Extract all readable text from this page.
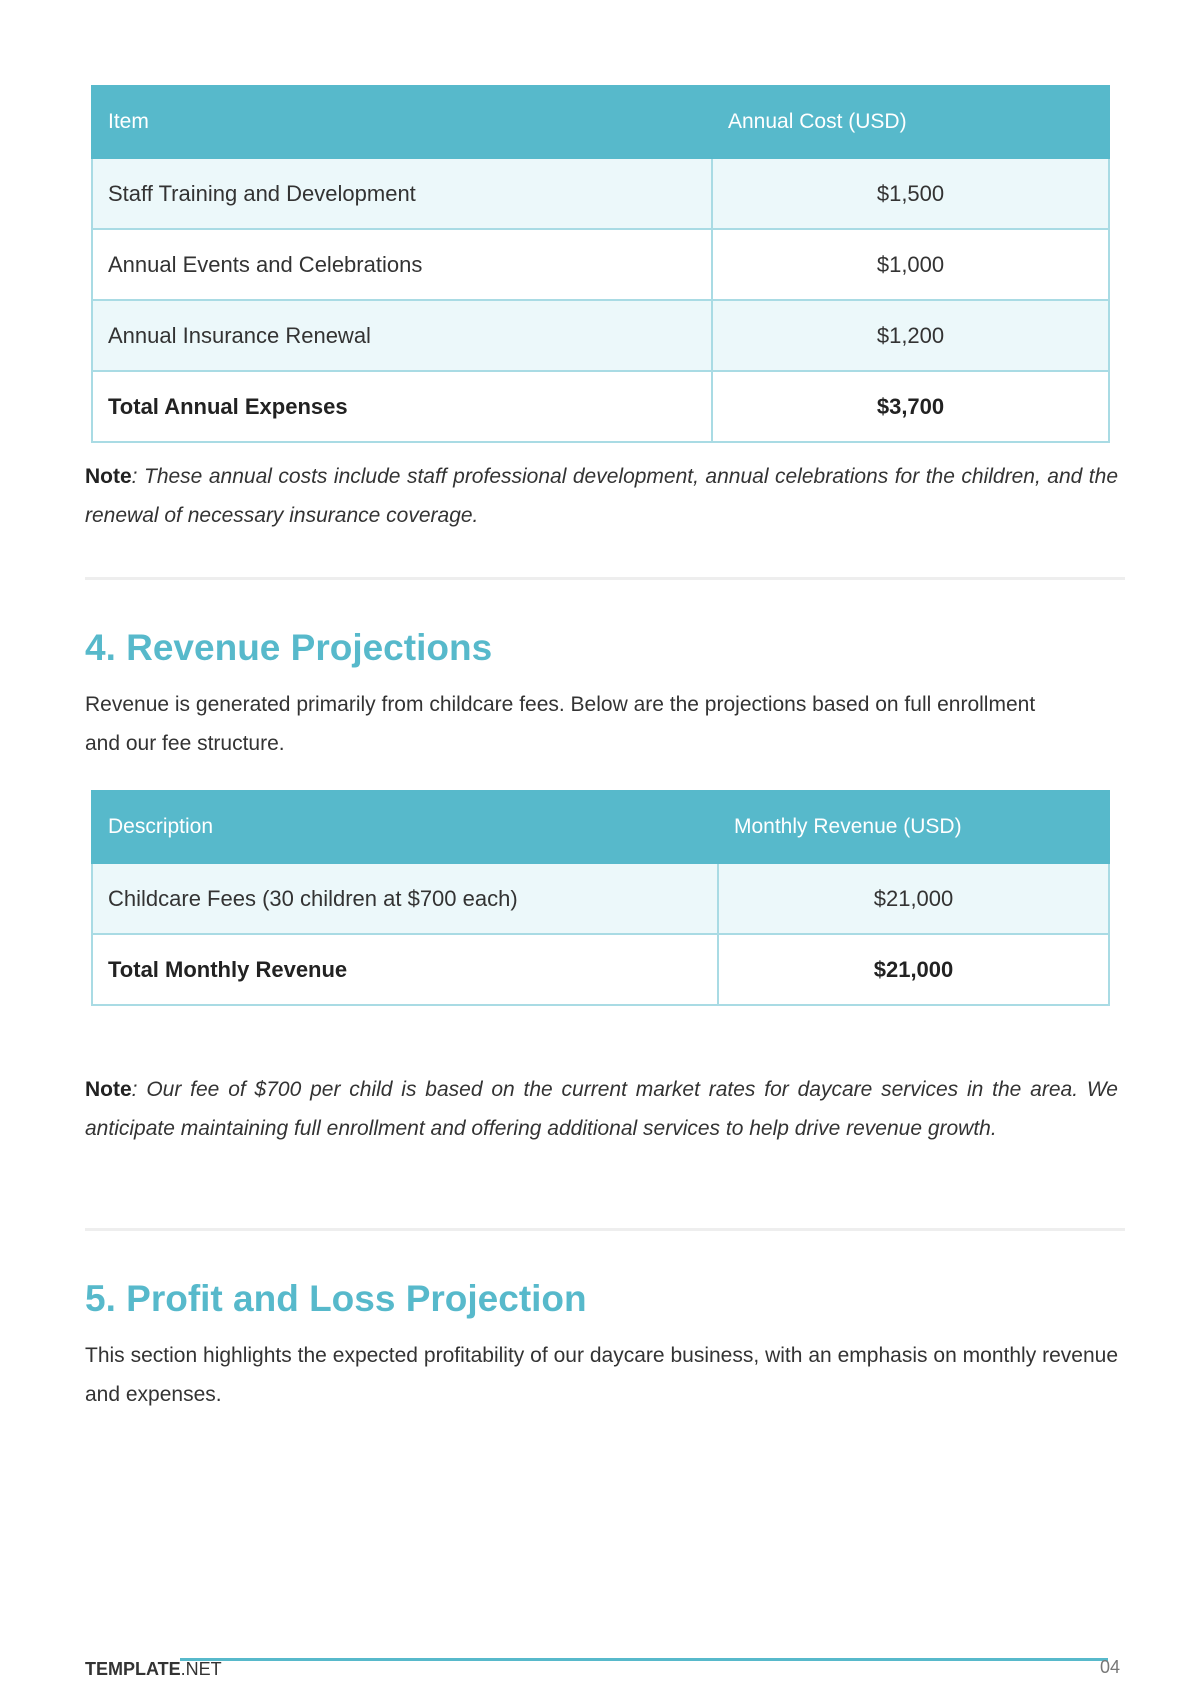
Item	Annual Cost (USD)
Staff Training and Development	$1,500
Annual Events and Celebrations	$1,000
Annual Insurance Renewal	$1,200
Total Annual Expenses	$3,700

Note: These annual costs include staff professional development, annual celebrations for the children, and the renewal of necessary insurance coverage.

4. Revenue Projections

Revenue is generated primarily from childcare fees. Below are the projections based on full enrollment and our fee structure.

Description	Monthly Revenue (USD)
Childcare Fees (30 children at $700 each)	$21,000
Total Monthly Revenue	$21,000

Note: Our fee of $700 per child is based on the current market rates for daycare services in the area. We anticipate maintaining full enrollment and offering additional services to help drive revenue growth.

5. Profit and Loss Projection

This section highlights the expected profitability of our daycare business, with an emphasis on monthly revenue and expenses.

TEMPLATE.NET	04
